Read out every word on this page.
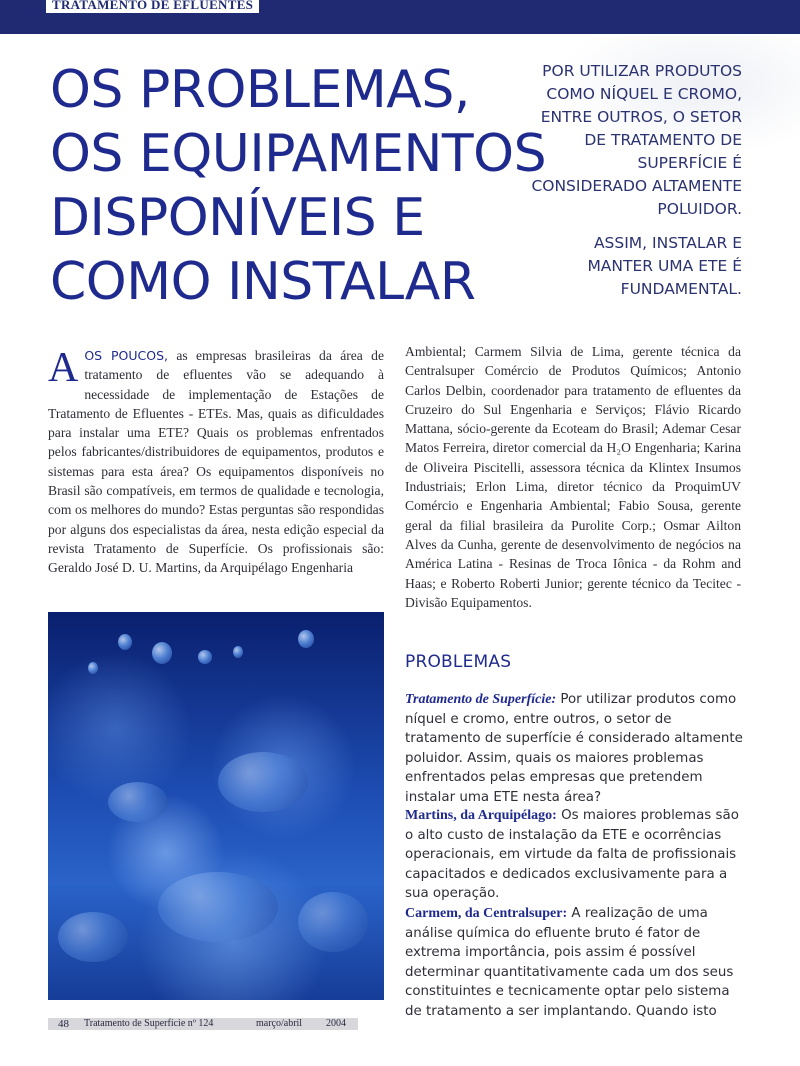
TRATAMENTO DE EFLUENTES
OS PROBLEMAS,
OS EQUIPAMENTOS
DISPONÍVEIS E
COMO INSTALAR

POR UTILIZAR PRODUTOS COMO NÍQUEL E CROMO, ENTRE OUTROS, O SETOR DE TRATAMENTO DE SUPERFÍCIE É CONSIDERADO ALTAMENTE POLUIDOR.

ASSIM, INSTALAR E MANTER UMA ETE É FUNDAMENTAL.

AOS POUCOS, as empresas brasileiras da área de tratamento de efluentes vão se adequando à necessidade de implementação de Estações de Tratamento de Efluentes - ETEs. Mas, quais as dificuldades para instalar uma ETE? Quais os problemas enfrentados pelos fabricantes/distribuidores de equipamentos, produtos e sistemas para esta área? Os equipamentos disponíveis no Brasil são compatíveis, em termos de qualidade e tecnologia, com os melhores do mundo? Estas perguntas são respondidas por alguns dos especialistas da área, nesta edição especial da revista Tratamento de Superfície. Os profissionais são: Geraldo José D. U. Martins, da Arquipélago Engenharia
Ambiental; Carmem Silvia de Lima, gerente técnica da Centralsuper Comércio de Produtos Químicos; Antonio Carlos Delbin, coordenador para tratamento de efluentes da Cruzeiro do Sul Engenharia e Serviços; Flávio Ricardo Mattana, sócio-gerente da Ecoteam do Brasil; Ademar Cesar Matos Ferreira, diretor comercial da H₂O Engenharia; Karina de Oliveira Piscitelli, assessora técnica da Klintex Insumos Industriais; Erlon Lima, diretor técnico da ProquimUV Comércio e Engenharia Ambiental; Fabio Sousa, gerente geral da filial brasileira da Purolite Corp.; Osmar Ailton Alves da Cunha, gerente de desenvolvimento de negócios na América Latina - Resinas de Troca Iônica - da Rohm and Haas; e Roberto Roberti Junior; gerente técnico da Tecitec - Divisão Equipamentos.
PROBLEMAS
Tratamento de Superfície: Por utilizar produtos como níquel e cromo, entre outros, o setor de tratamento de superfície é considerado altamente poluidor. Assim, quais os maiores problemas enfrentados pelas empresas que pretendem instalar uma ETE nesta área?
Martins, da Arquipélago: Os maiores problemas são o alto custo de instalação da ETE e ocorrências operacionais, em virtude da falta de profissionais capacitados e dedicados exclusivamente para a sua operação.
Carmem, da Centralsuper: A realização de uma análise química do efluente bruto é fator de extrema importância, pois assim é possível determinar quantitativamente cada um dos seus constituintes e tecnicamente optar pelo sistema de tratamento a ser implantando. Quando isto
48 Tratamento de Superfície nº 124	março/abril 2004
